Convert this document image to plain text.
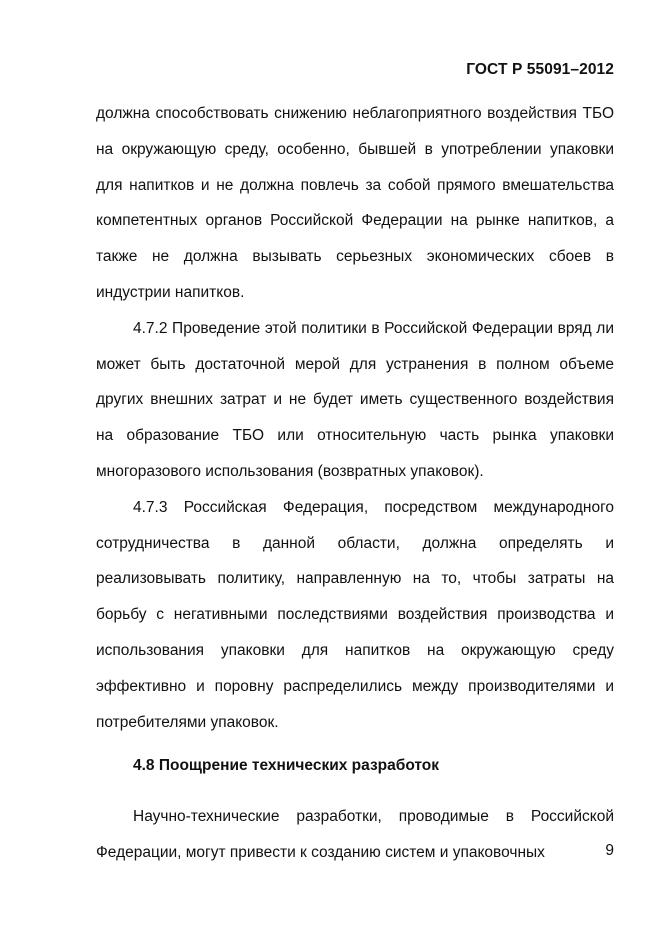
ГОСТ Р 55091–2012

должна способствовать снижению неблагоприятного воздействия ТБО на окружающую среду, особенно, бывшей в употреблении упаковки для напитков и не должна повлечь за собой прямого вмешательства компетентных органов Российской Федерации на рынке напитков, а также не должна вызывать серьезных экономических сбоев в индустрии напитков.

4.7.2 Проведение этой политики в Российской Федерации вряд ли может быть достаточной мерой для устранения в полном объеме других внешних затрат и не будет иметь существенного воздействия на образование ТБО или относительную часть рынка упаковки многоразового использования (возвратных упаковок).

4.7.3 Российская Федерация, посредством международного сотрудничества в данной области, должна определять и реализовывать политику, направленную на то, чтобы затраты на борьбу с негативными последствиями воздействия производства и использования упаковки для напитков на окружающую среду эффективно и поровну распределились между производителями и потребителями упаковок.

4.8 Поощрение технических разработок

Научно-технические разработки, проводимые в Российской Федерации, могут привести к созданию систем и упаковочных	9
